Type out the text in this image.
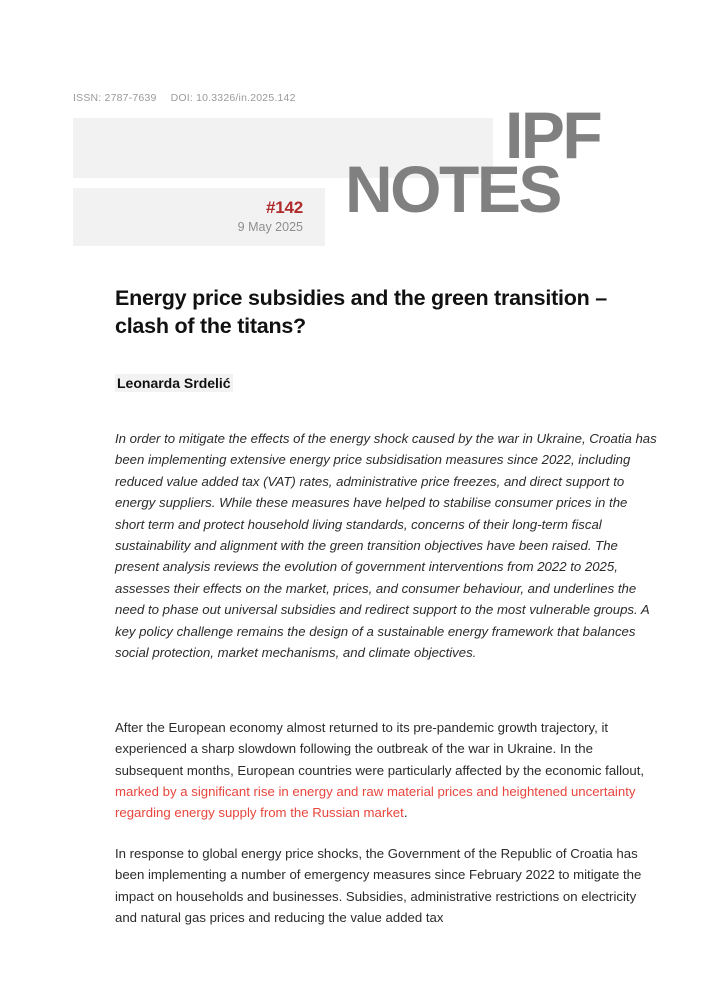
ISSN: 2787-7639 DOI: 10.3326/in.2025.142
#142
9 May 2025
IPF
NOTES
Energy price subsidies and the green transition – clash of the titans?
Leonarda Srdelić

In order to mitigate the effects of the energy shock caused by the war in Ukraine, Croatia has been implementing extensive energy price subsidisation measures since 2022, including reduced value added tax (VAT) rates, administrative price freezes, and direct support to energy suppliers. While these measures have helped to stabilise consumer prices in the short term and protect household living standards, concerns of their long-term fiscal sustainability and alignment with the green transition objectives have been raised. The present analysis reviews the evolution of government interventions from 2022 to 2025, assesses their effects on the market, prices, and consumer behaviour, and underlines the need to phase out universal subsidies and redirect support to the most vulnerable groups. A key policy challenge remains the design of a sustainable energy framework that balances social protection, market mechanisms, and climate objectives.

After the European economy almost returned to its pre-pandemic growth trajectory, it experienced a sharp slowdown following the outbreak of the war in Ukraine. In the subsequent months, European countries were particularly affected by the economic fallout, marked by a significant rise in energy and raw material prices and heightened uncertainty regarding energy supply from the Russian market.

In response to global energy price shocks, the Government of the Republic of Croatia has been implementing a number of emergency measures since February 2022 to mitigate the impact on households and businesses. Subsidies, administrative restrictions on electricity and natural gas prices and reducing the value added tax
